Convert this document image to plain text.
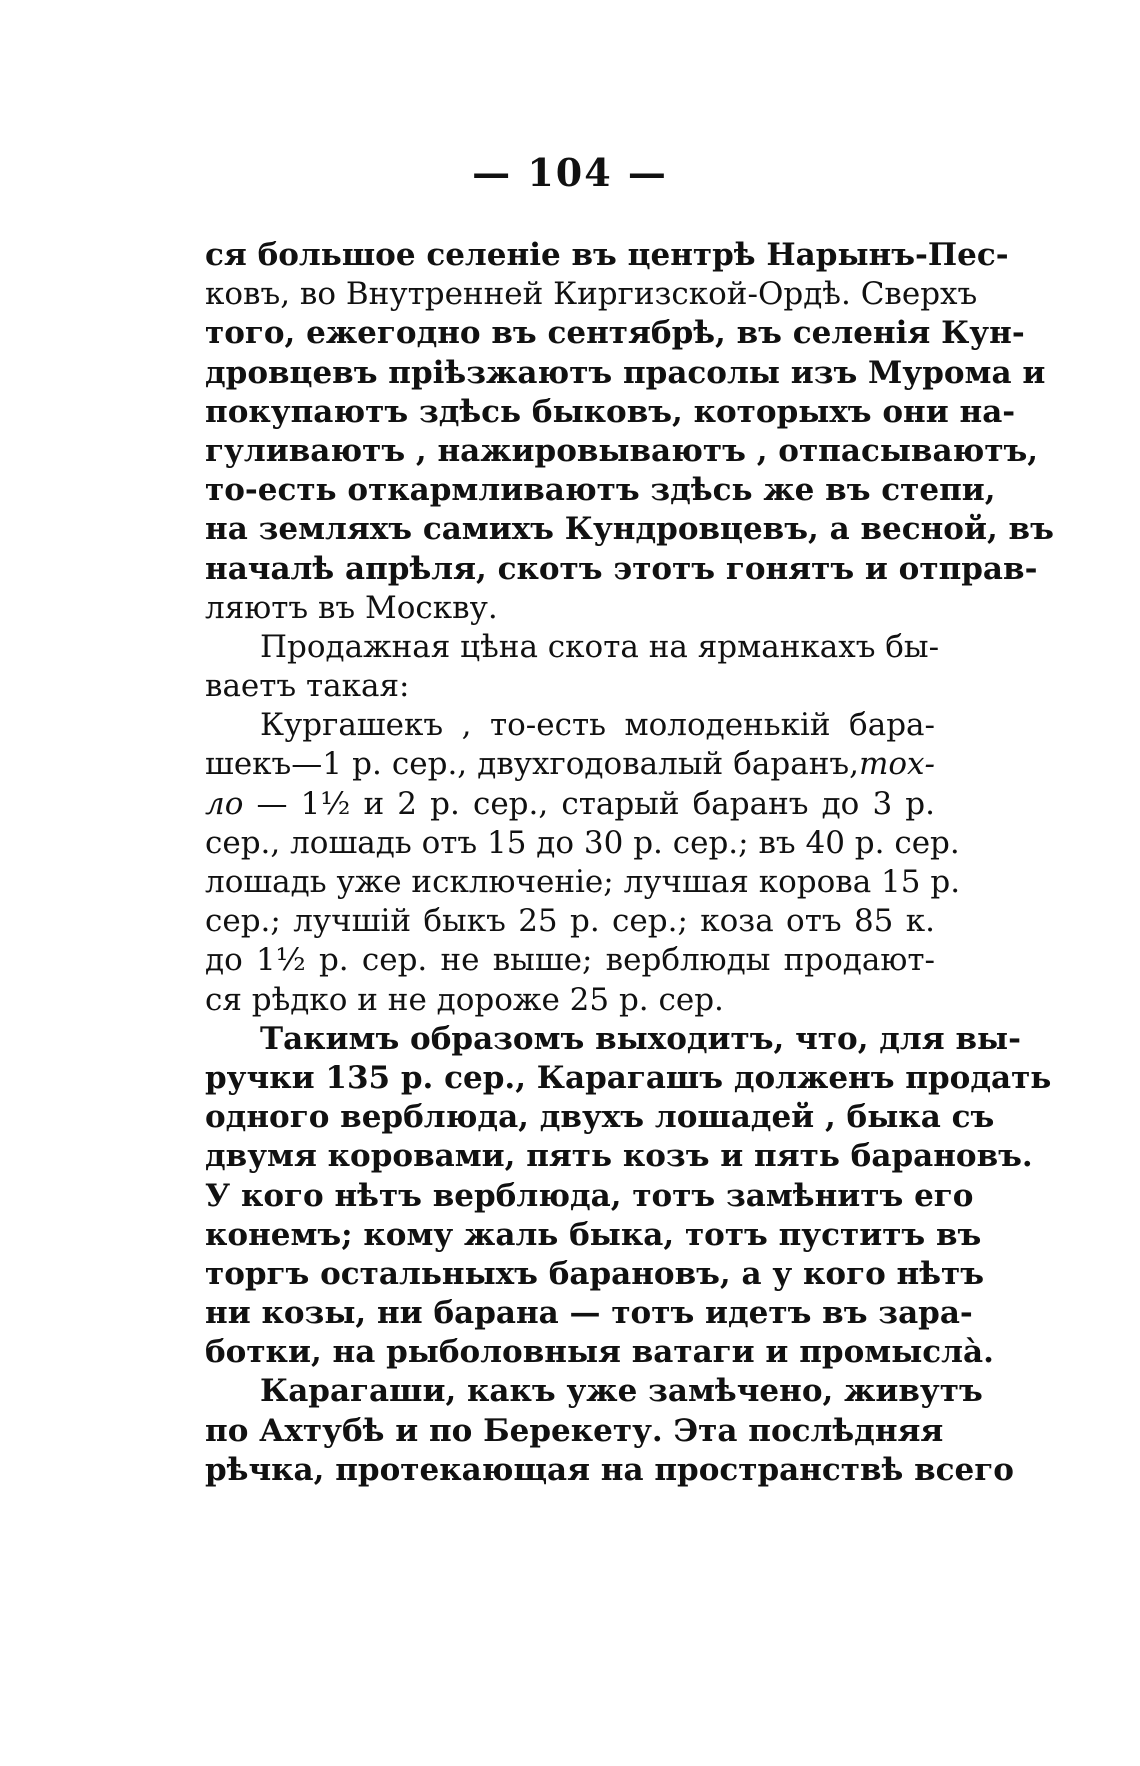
— 104 —

ся большое селеніе въ центрѣ Нарынъ-Пес-
ковъ, во Внутренней Киргизской-Ордѣ. Сверхъ
того, ежегодно въ сентябрѣ, въ селенія Кун-
дровцевъ пріѣзжаютъ прасолы изъ Мурома и
покупаютъ здѣсь быковъ, которыхъ они на-
гуливаютъ , нажировываютъ , отпасываютъ,
то-есть откармливаютъ здѣсь же въ степи,
на земляхъ самихъ Кундровцевъ, а весной, въ
началѣ апрѣля, скотъ этотъ гонятъ и отправ-
ляютъ въ Москву.
Продажная цѣна скота на ярманкахъ бы-
ваетъ такая:
Кургашекъ , то-есть молоденькій бара-
шекъ—1 р. сер., двухгодовалый баранъ,тох-
ло — 1½ и 2 р. сер., старый баранъ до 3 р.
сер., лошадь отъ 15 до 30 р. сер.; въ 40 р. сер.
лошадь уже исключеніе; лучшая корова 15 р.
сер.; лучшій быкъ 25 р. сер.; коза отъ 85 к.
до 1½ р. сер. не выше; верблюды продают-
ся рѣдко и не дороже 25 р. сер.
Такимъ образомъ выходитъ, что, для вы-
ручки 135 р. сер., Карагашъ долженъ продать
одного верблюда, двухъ лошадей , быка съ
двумя коровами, пять козъ и пять барановъ.
У кого нѣтъ верблюда, тотъ замѣнитъ его
конемъ; кому жаль быка, тотъ пуститъ въ
торгъ остальныхъ барановъ, а у кого нѣтъ
ни козы, ни барана — тотъ идетъ въ зара-
ботки, на рыболовныя ватаги и промыслà.
Карагаши, какъ уже замѣчено, живутъ
по Ахтубѣ и по Берекету. Эта послѣдняя
рѣчка, протекающая на пространствѣ всего
